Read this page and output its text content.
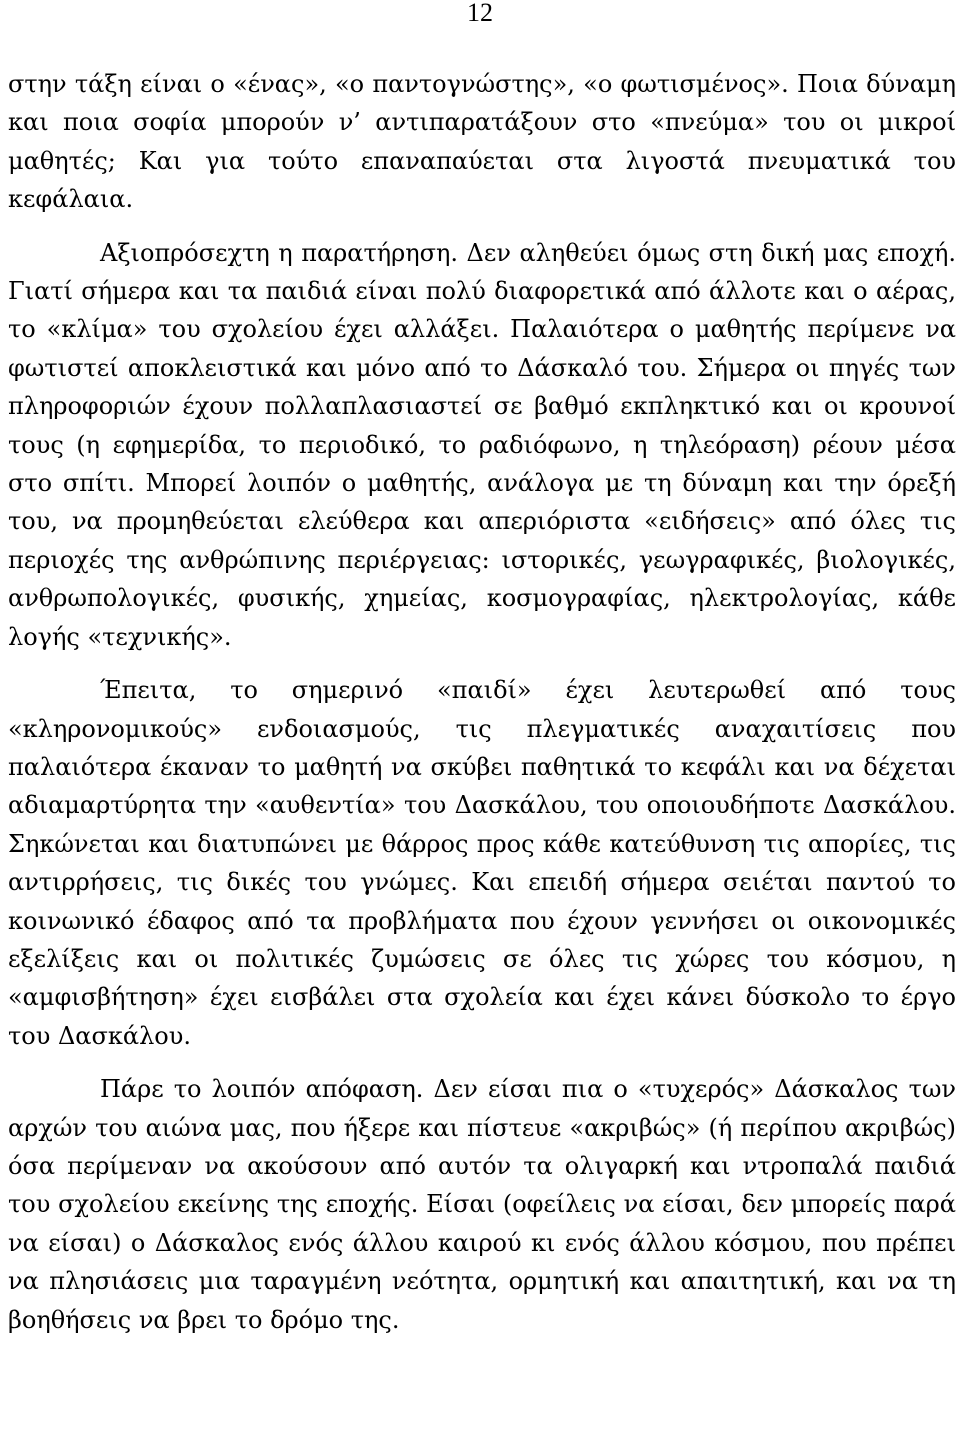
12

στην τάξη είναι ο «ένας», «ο παντογνώστης», «ο φωτισμένος». Ποια δύναμη και ποια σοφία μπορούν ν’ αντιπαρατάξουν στο «πνεύμα» του οι μικροί μαθητές; Και για τούτο επαναπαύεται στα λιγοστά πνευματικά του κεφάλαια.

Αξιοπρόσεχτη η παρατήρηση. Δεν αληθεύει όμως στη δική μας εποχή. Γιατί σήμερα και τα παιδιά είναι πολύ διαφορετικά από άλλοτε και ο αέρας, το «κλίμα» του σχολείου έχει αλλάξει. Παλαιότερα ο μαθητής περίμενε να φωτιστεί αποκλειστικά και μόνο από το Δάσκαλό του. Σήμερα οι πηγές των πληροφοριών έχουν πολλαπλασιαστεί σε βαθμό εκπληκτικό και οι κρουνοί τους (η εφημερίδα, το περιοδικό, το ραδιόφωνο, η τηλεόραση) ρέουν μέσα στο σπίτι. Μπορεί λοιπόν ο μαθητής, ανάλογα με τη δύναμη και την όρεξή του, να προμηθεύεται ελεύθερα και απεριόριστα «ειδήσεις» από όλες τις περιοχές της ανθρώπινης περιέργειας: ιστορικές, γεωγραφικές, βιολογικές, ανθρωπολογικές, φυσικής, χημείας, κοσμογραφίας, ηλεκτρολογίας, κάθε λογής «τεχνικής».

Έπειτα, το σημερινό «παιδί» έχει λευτερωθεί από τους «κληρονομικούς» ενδοιασμούς, τις πλεγματικές αναχαιτίσεις που παλαιότερα έκαναν το μαθητή να σκύβει παθητικά το κεφάλι και να δέχεται αδιαμαρτύρητα την «αυθεντία» του Δασκάλου, του οποιουδήποτε Δασκάλου. Σηκώνεται και διατυπώνει με θάρρος προς κάθε κατεύθυνση τις απορίες, τις αντιρρήσεις, τις δικές του γνώμες. Και επειδή σήμερα σειέται παντού το κοινωνικό έδαφος από τα προβλήματα που έχουν γεννήσει οι οικονομικές εξελίξεις και οι πολιτικές ζυμώσεις σε όλες τις χώρες του κόσμου, η «αμφισβήτηση» έχει εισβάλει στα σχολεία και έχει κάνει δύσκολο το έργο του Δασκάλου.

Πάρε το λοιπόν απόφαση. Δεν είσαι πια ο «τυχερός» Δάσκαλος των αρχών του αιώνα μας, που ήξερε και πίστευε «ακριβώς» (ή περίπου ακριβώς) όσα περίμεναν να ακούσουν από αυτόν τα ολιγαρκή και ντροπαλά παιδιά του σχολείου εκείνης της εποχής. Είσαι (οφείλεις να είσαι, δεν μπορείς παρά να είσαι) ο Δάσκαλος ενός άλλου καιρού κι ενός άλλου κόσμου, που πρέπει να πλησιάσεις μια ταραγμένη νεότητα, ορμητική και απαιτητική, και να τη βοηθήσεις να βρει το δρόμο της.
